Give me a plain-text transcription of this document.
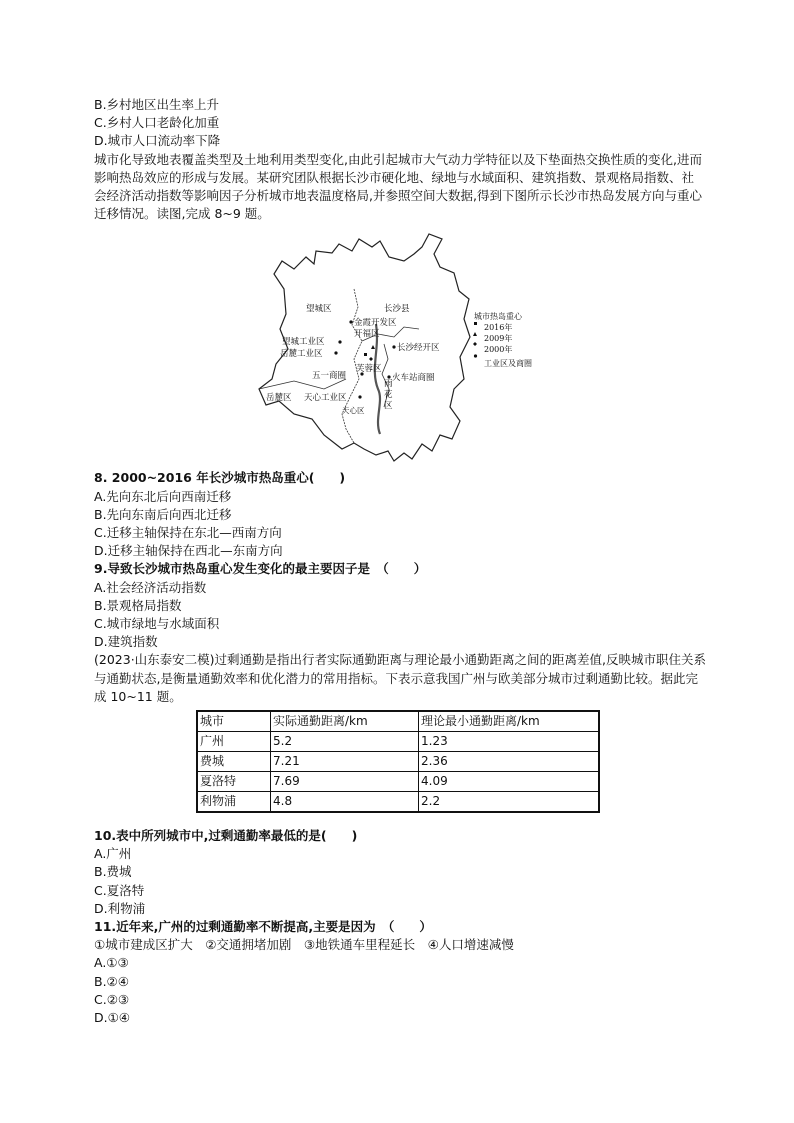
B.乡村地区出生率上升
C.乡村人口老龄化加重
D.城市人口流动率下降
城市化导致地表覆盖类型及土地利用类型变化,由此引起城市大气动力学特征以及下垫面热交换性质的变化,进而影响热岛效应的形成与发展。某研究团队根据长沙市硬化地、绿地与水域面积、建筑指数、景观格局指数、社会经济活动指数等影响因子分析城市地表温度格局,并参照空间大数据,得到下图所示长沙市热岛发展方向与重心迁移情况。读图,完成 8~9 题。
望城区	长沙县
金霞开发区
开福区
望城工业区
岳麓工业区
长沙经开区
五一商圈
芙蓉区
火车站商圈
雨
花
区
岳麓区 天心工业区
天心区
城市热岛重心
2016年
2009年
2000年
工业区及商圈
8. 2000~2016 年长沙城市热岛重心(　　)
A.先向东北后向西南迁移
B.先向东南后向西北迁移
C.迁移主轴保持在东北—西南方向
D.迁移主轴保持在西北—东南方向
9.导致长沙城市热岛重心发生变化的最主要因子是　（　　）
A.社会经济活动指数
B.景观格局指数
C.城市绿地与水域面积
D.建筑指数
(2023·山东泰安二模)过剩通勤是指出行者实际通勤距离与理论最小通勤距离之间的距离差值,反映城市职住关系与通勤状态,是衡量通勤效率和优化潜力的常用指标。下表示意我国广州与欧美部分城市过剩通勤比较。据此完成 10~11 题。
城市	实际通勤距离/km	理论最小通勤距离/km
广州	5.2	1.23
费城	7.21	2.36
夏洛特	7.69	4.09
利物浦	4.8	2.2
10.表中所列城市中,过剩通勤率最低的是(　　)
A.广州
B.费城
C.夏洛特
D.利物浦
11.近年来,广州的过剩通勤率不断提高,主要是因为　（　　）
①城市建成区扩大　②交通拥堵加剧　③地铁通车里程延长　④人口增速减慢
A.①③
B.②④
C.②③
D.①④
